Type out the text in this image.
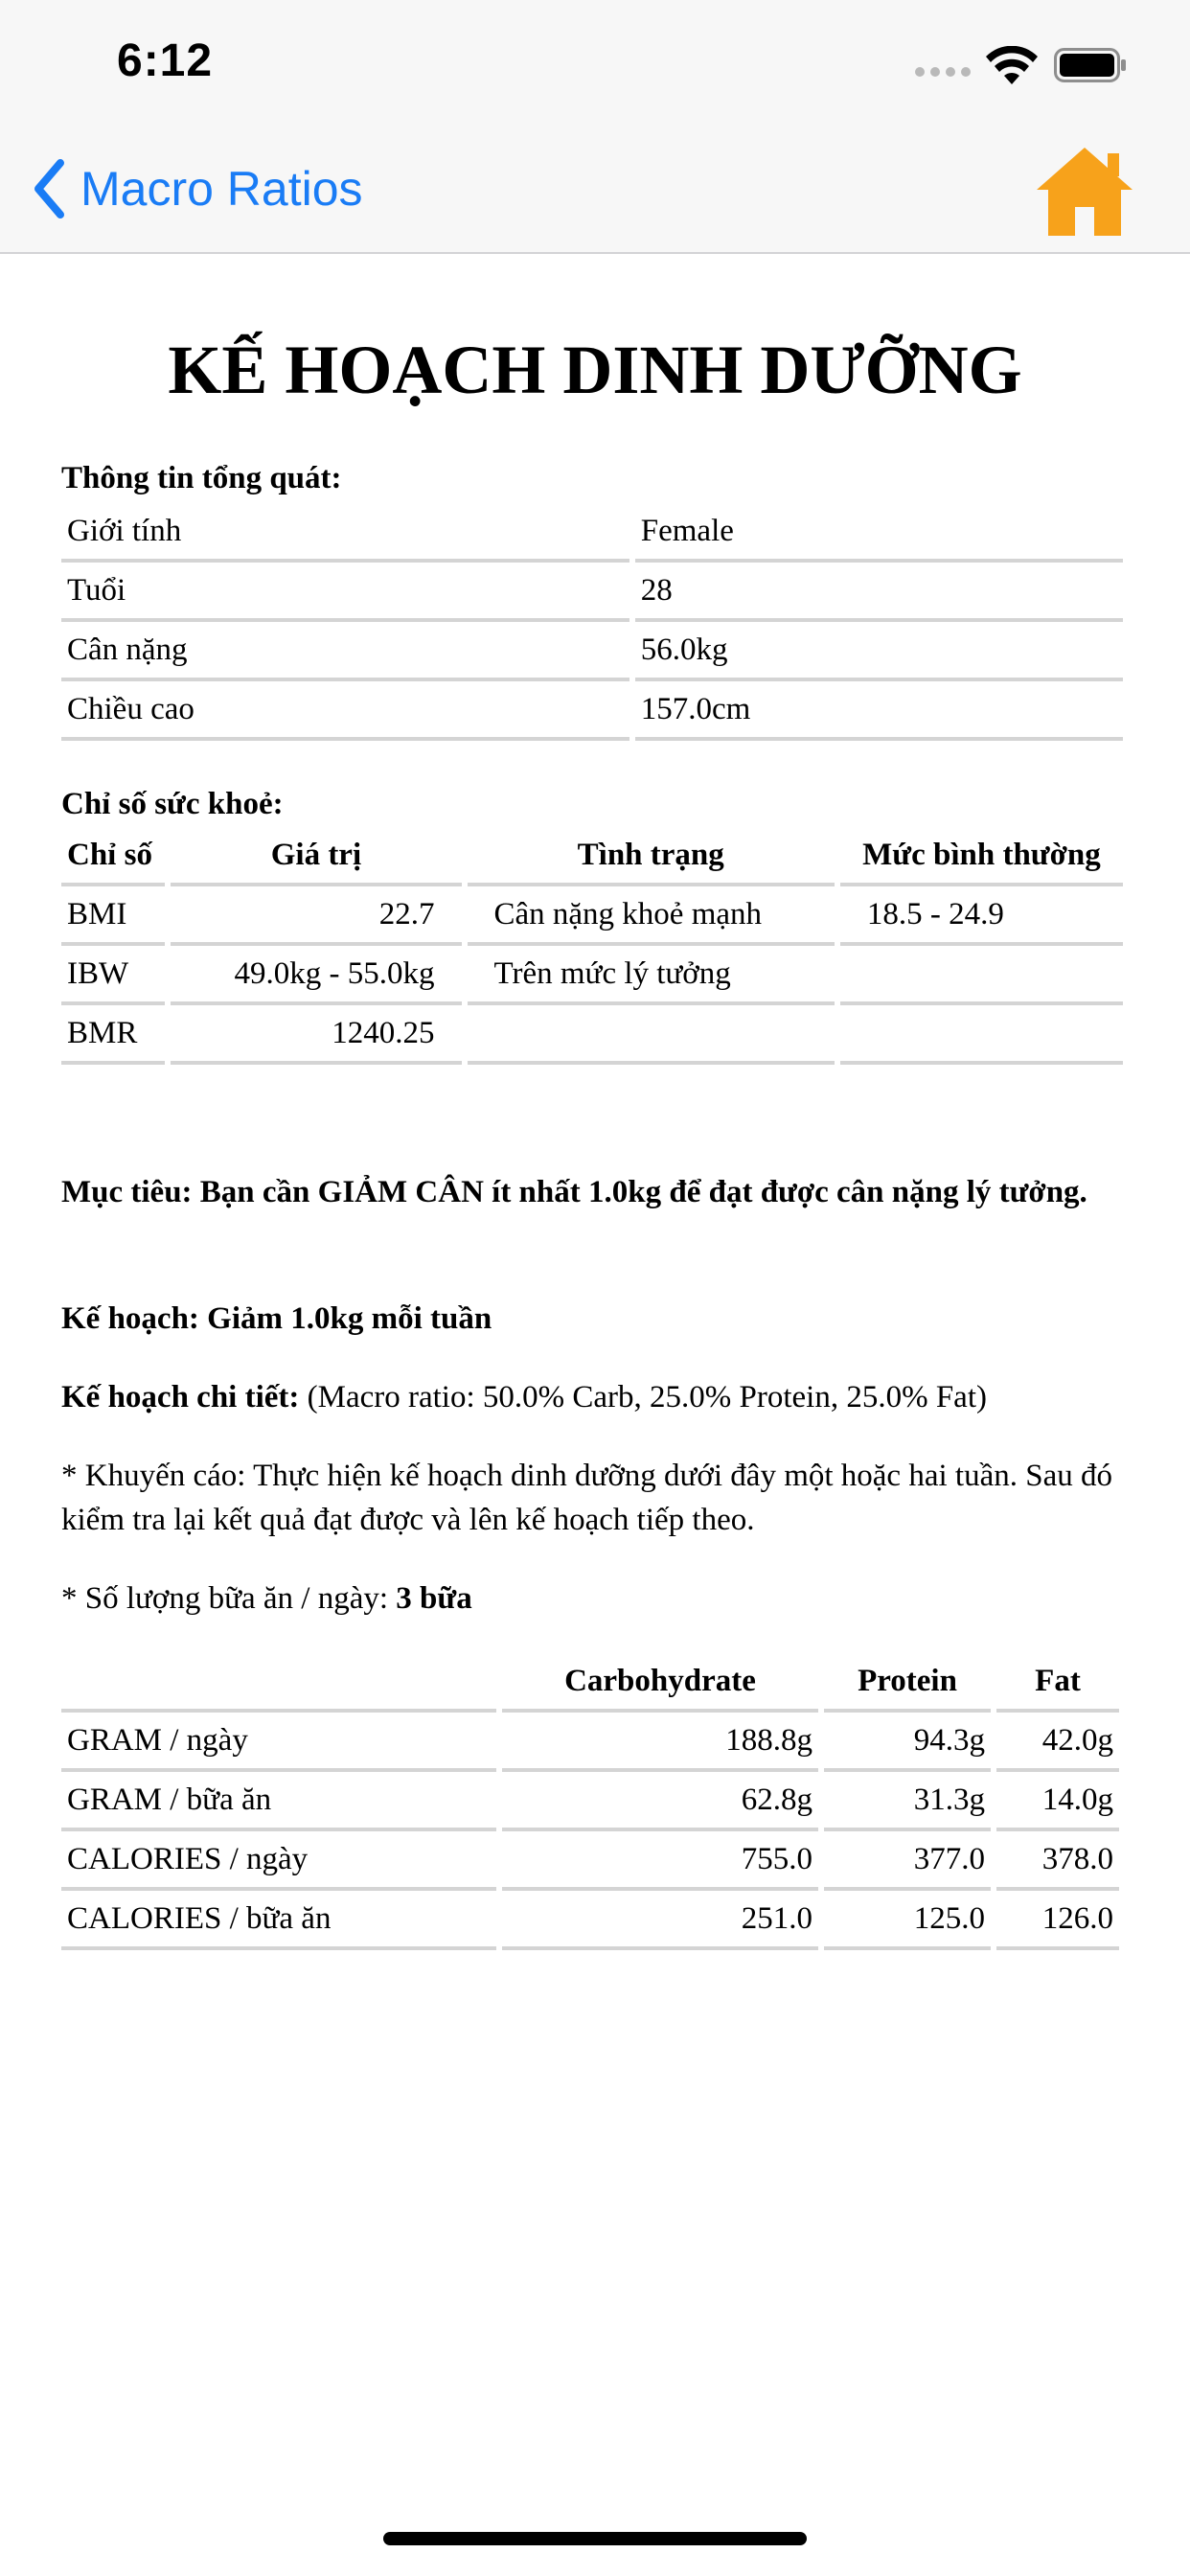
6:12
Macro Ratios
KẾ HOẠCH DINH DƯỠNG
Thông tin tổng quát:
Giới tính	Female
Tuổi	28
Cân nặng	56.0kg
Chiều cao	157.0cm
Chỉ số sức khoẻ:
Chỉ số	Giá trị	Tình trạng	Mức bình thường
BMI	22.7	Cân nặng khoẻ mạnh	18.5 - 24.9
IBW	49.0kg - 55.0kg	Trên mức lý tưởng	
BMR	1240.25		
Mục tiêu: Bạn cần GIẢM CÂN ít nhất 1.0kg để đạt được cân nặng lý tưởng.
Kế hoạch: Giảm 1.0kg mỗi tuần
Kế hoạch chi tiết: (Macro ratio: 50.0% Carb, 25.0% Protein, 25.0% Fat)
* Khuyến cáo: Thực hiện kế hoạch dinh dưỡng dưới đây một hoặc hai tuần. Sau đó kiểm tra lại kết quả đạt được và lên kế hoạch tiếp theo.
* Số lượng bữa ăn / ngày: 3 bữa
	Carbohydrate	Protein	Fat
GRAM / ngày	188.8g	94.3g	42.0g
GRAM / bữa ăn	62.8g	31.3g	14.0g
CALORIES / ngày	755.0	377.0	378.0
CALORIES / bữa ăn	251.0	125.0	126.0
